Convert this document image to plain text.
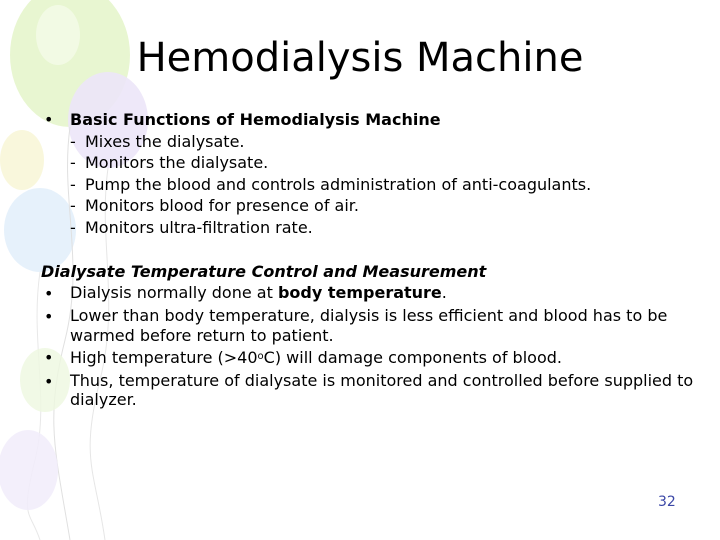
Hemodialysis Machine
•	Basic Functions of Hemodialysis Machine
- Mixes the dialysate.
- Monitors the dialysate.
- Pump the blood and controls administration of anti-coagulants.
- Monitors blood for presence of air.
- Monitors ultra-filtration rate.
Dialysate Temperature Control and Measurement
•	Dialysis normally done at body temperature.
•	Lower than body temperature, dialysis is less efficient and blood has to be warmed before return to patient.
•	High temperature $(>40^oC)$ will damage components of blood.
•	Thus, temperature of dialysate is monitored and controlled before supplied to dialyzer.
32
